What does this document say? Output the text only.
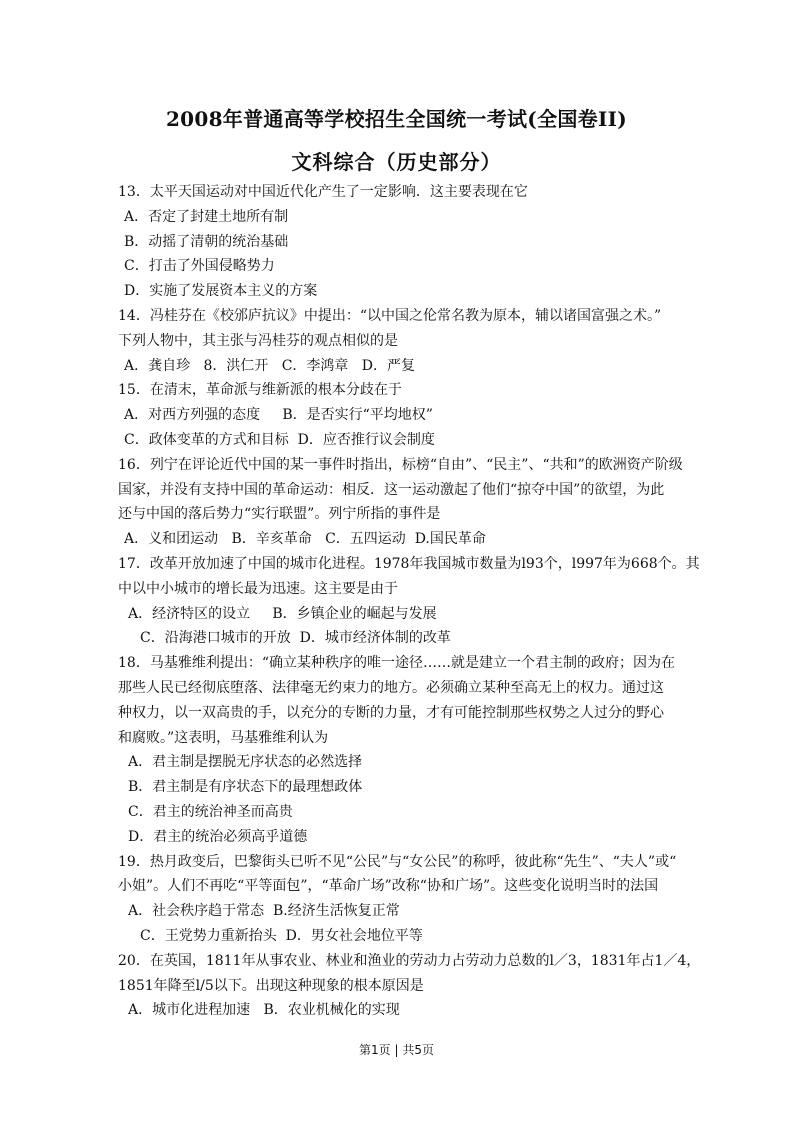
2008年普通高等学校招生全国统一考试(全国卷II)
文科综合（历史部分）
13．太平天国运动对中国近代化产生了一定影响．这主要表现在它
A．否定了封建土地所有制
B．动摇了清朝的统治基础
C．打击了外国侵略势力
D．实施了发展资本主义的方案
14．冯桂芬在《校邠庐抗议》中提出：“以中国之伦常名教为原本，辅以诸国富强之术。”
下列人物中，其主张与冯桂芬的观点相似的是
A．龚自珍   8．洪仁开   C．李鸿章   D．严复
15．在清末，革命派与维新派的根本分歧在于
A．对西方列强的态度     B．是否实行“平均地权”
C．政体变革的方式和目标  D．应否推行议会制度
16．列宁在评论近代中国的某一事件时指出，标榜“自由”、“民主”、“共和”的欧洲资产阶级
国家，并没有支持中国的革命运动：相反．这一运动激起了他们“掠夺中国”的欲望，为此
还与中国的落后势力“实行联盟”。列宁所指的事件是
A．义和团运动   B．辛亥革命   C．五四运动  D.国民革命
17．改革开放加速了中国的城市化进程。1978年我国城市数量为l93个，l997年为668个。其
中以中小城市的增长最为迅速。这主要是由于
A．经济特区的设立     B．乡镇企业的崛起与发展
C．沿海港口城市的开放  D．城市经济体制的改革
18．马基雅维利提出：“确立某种秩序的唯一途径……就是建立一个君主制的政府；因为在
那些人民已经彻底堕落、法律毫无约束力的地方。必须确立某种至高无上的权力。通过这
种权力，以一双高贵的手，以充分的专断的力量，才有可能控制那些权势之人过分的野心
和腐败。”这表明，马基雅维利认为
A．君主制是摆脱无序状态的必然选择
B．君主制是有序状态下的最理想政体
C．君主的统治神圣而高贵
D．君主的统治必须高乎道德
19．热月政变后，巴黎街头已听不见“公民”与“女公民”的称呼，彼此称“先生”、“夫人”或“
小姐”。人们不再吃“平等面包”，“革命广场”改称“协和广场”。这些变化说明当时的法国
A．社会秩序趋于常态  B.经济生活恢复正常
C．王党势力重新抬头  D．男女社会地位平等
20．在英国，1811年从事农业、林业和渔业的劳动力占劳动力总数的l／3，1831年占1／4，
1851年降至l/5以下。出现这种现象的根本原因是
A．城市化进程加速   B．农业机械化的实现
第1页 | 共5页
